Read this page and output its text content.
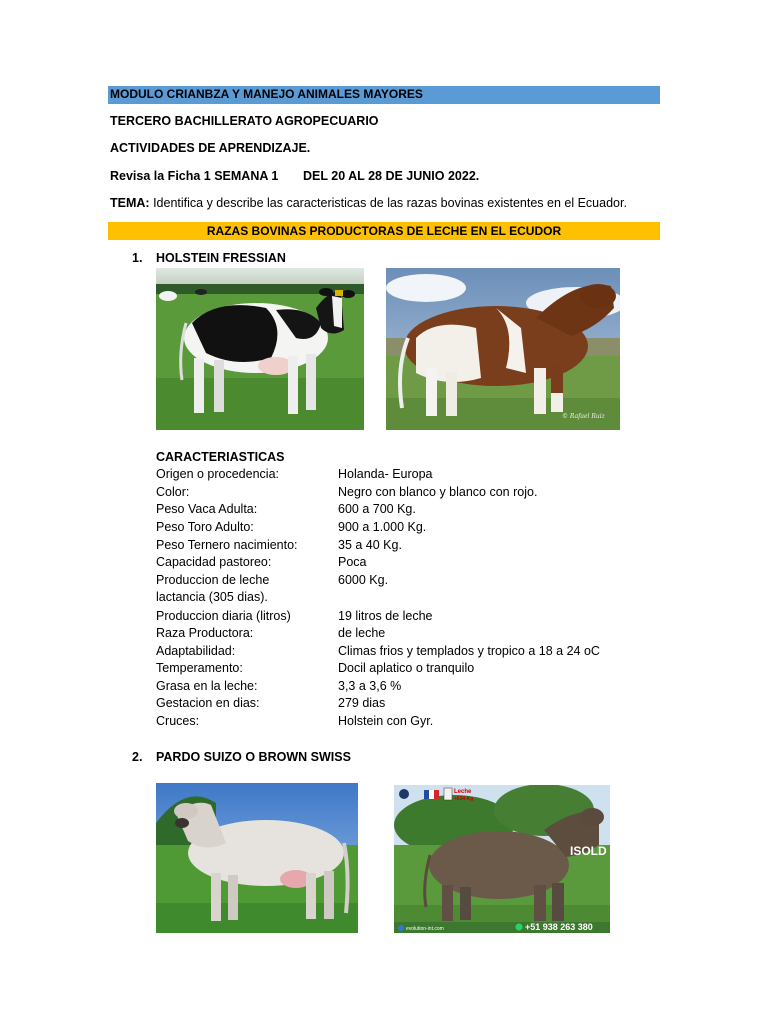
MODULO CRIANBZA Y MANEJO ANIMALES MAYORES
TERCERO BACHILLERATO AGROPECUARIO
ACTIVIDADES DE APRENDIZAJE.
Revisa la Ficha 1 SEMANA 1 DEL 20 AL 28 DE JUNIO 2022.
TEMA: Identifica y describe las caracteristicas de las razas bovinas existentes en el Ecuador.
RAZAS BOVINAS PRODUCTORAS DE LECHE EN EL ECUDOR
1. HOLSTEIN FRESSIAN
© Rafael Ruiz
CARACTERIASTICAS
Origen o procedencia:	Holanda- Europa
Color:	Negro con blanco y blanco con rojo.
Peso Vaca Adulta:	600 a 700 Kg.
Peso Toro Adulto:	900 a 1.000 Kg.
Peso Ternero nacimiento:	35 a 40 Kg.
Capacidad pastoreo:	Poca
Produccion de leche	6000 Kg.
lactancia (305 dias).
Produccion diaria (litros)	19 litros de leche
Raza Productora:	de leche
Adaptabilidad:	Climas frios y templados y tropico a 18 a 24 oC
Temperamento:	Docil aplatico o tranquilo
Grasa en la leche:	3,3 a 3,6 %
Gestacion en dias:	279 dias
Cruces:	Holstein con Gyr.
2. PARDO SUIZO O BROWN SWISS
Leche
+634 Kg
ISOLD
evolution-int.com	+51 938 263 380
